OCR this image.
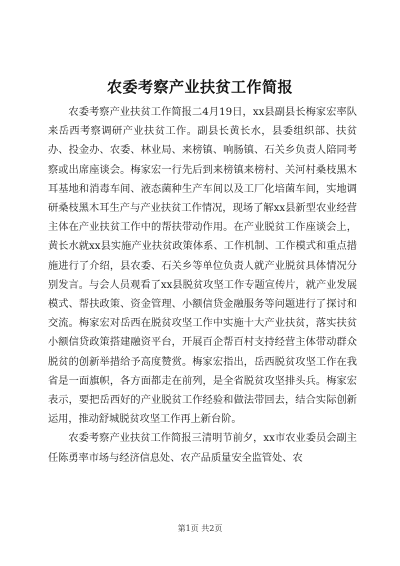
农委考察产业扶贫工作简报

农委考察产业扶贫工作简报二4月19日，xx县副县长梅家宏率队来岳西考察调研产业扶贫工作。副县长黄长水，县委组织部、扶贫办、投金办、农委、林业局、来榜镇、响肠镇、石关乡负责人陪同考察或出席座谈会。梅家宏一行先后到来榜镇来榜村、关河村桑枝黑木耳基地和消毒车间、液态菌种生产车间以及工厂化培菌车间，实地调研桑枝黑木耳生产与产业扶贫工作情况，现场了解xx县新型农业经营主体在产业扶贫工作中的帮扶带动作用。在产业脱贫工作座谈会上，黄长水就xx县实施产业扶贫政策体系、工作机制、工作模式和重点措施进行了介绍，县农委、石关乡等单位负责人就产业脱贫具体情况分别发言。与会人员观看了xx县脱贫攻坚工作专题宣传片，就产业发展模式、帮扶政策、资金管理、小额信贷金融服务等问题进行了探讨和交流。梅家宏对岳西在脱贫攻坚工作中实施十大产业扶贫，落实扶贫小额信贷政策搭建融资平台，开展百企帮百村支持经营主体带动群众脱贫的创新举措给予高度赞赏。梅家宏指出，岳西脱贫攻坚工作在我省是一面旗帜，各方面都走在前列，是全省脱贫攻坚排头兵。梅家宏表示，要把岳西好的产业脱贫工作经验和做法带回去，结合实际创新运用，推动舒城脱贫攻坚工作再上新台阶。

农委考察产业扶贫工作简报三清明节前夕，xx市农业委员会副主任陈勇率市场与经济信息处、农产品质量安全监管处、农

第1页 共2页
